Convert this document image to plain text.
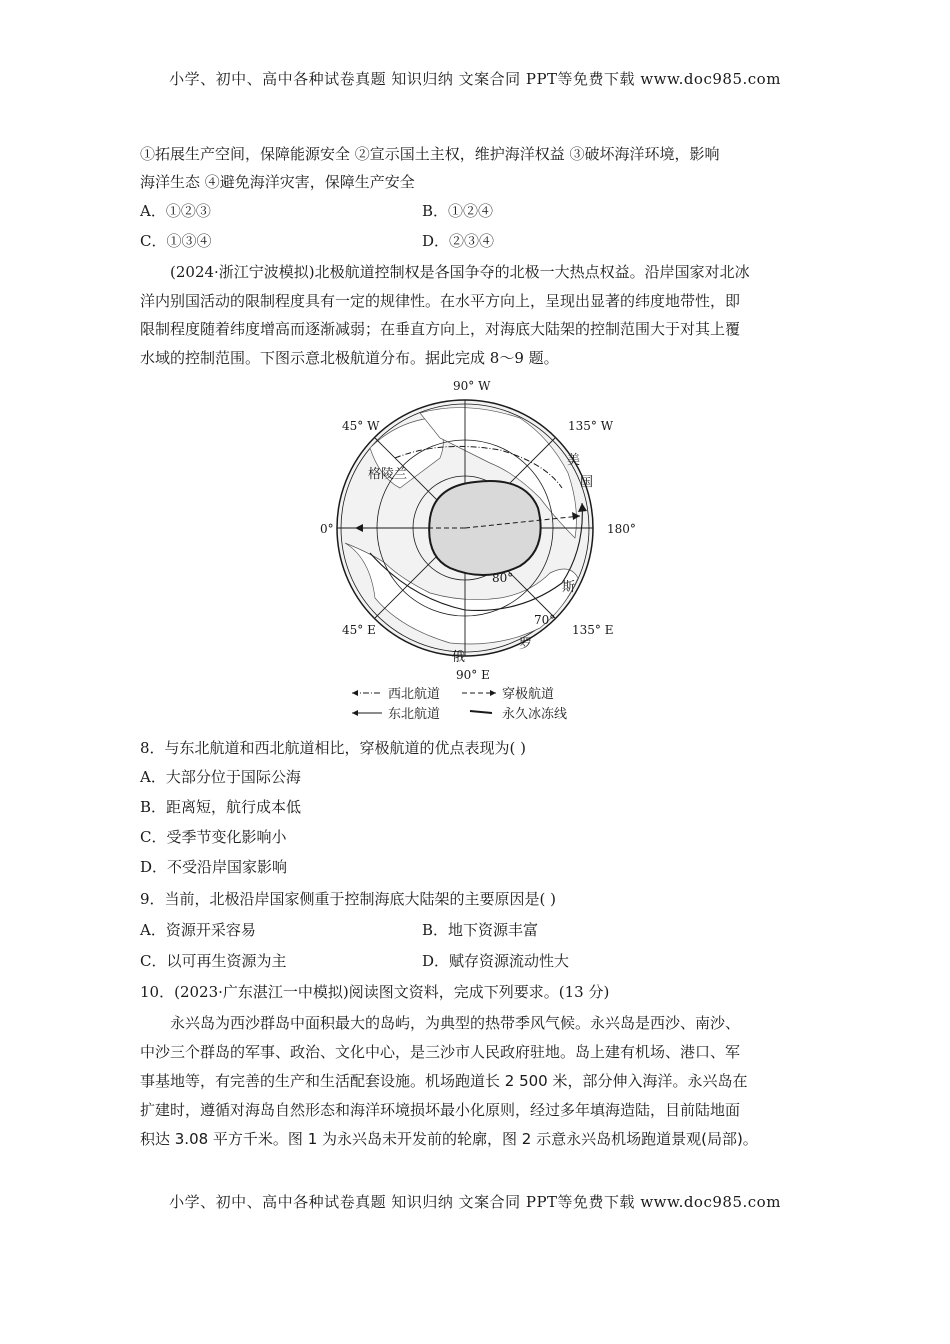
小学、初中、高中各种试卷真题 知识归纳 文案合同 PPT等免费下载 www.doc985.com
①拓展生产空间，保障能源安全 ②宣示国土主权，维护海洋权益 ③破坏海洋环境，影响
海洋生态 ④避免海洋灾害，保障生产安全
A．①②③	B．①②④
C．①③④	D．②③④
(2024·浙江宁波模拟)北极航道控制权是各国争夺的北极一大热点权益。沿岸国家对北冰
洋内别国活动的限制程度具有一定的规律性。在水平方向上，呈现出显著的纬度地带性，即
限制程度随着纬度增高而逐渐减弱；在垂直方向上，对海底大陆架的控制范围大于对其上覆
水域的控制范围。下图示意北极航道分布。据此完成 8～9 题。
90° W
45° W	135° W
0°	180°
45° E	135° E
90° E
80°
70°
格陵兰
美
国
俄
罗
斯
西北航道	穿极航道
东北航道	永久冰冻线
8．与东北航道和西北航道相比，穿极航道的优点表现为( )
A．大部分位于国际公海
B．距离短，航行成本低
C．受季节变化影响小
D．不受沿岸国家影响
9．当前，北极沿岸国家侧重于控制海底大陆架的主要原因是( )
A．资源开采容易	B．地下资源丰富
C．以可再生资源为主	D．赋存资源流动性大
10．(2023·广东湛江一中模拟)阅读图文资料，完成下列要求。(13 分)
永兴岛为西沙群岛中面积最大的岛屿，为典型的热带季风气候。永兴岛是西沙、南沙、
中沙三个群岛的军事、政治、文化中心，是三沙市人民政府驻地。岛上建有机场、港口、军
事基地等，有完善的生产和生活配套设施。机场跑道长 2 500 米，部分伸入海洋。永兴岛在
扩建时，遵循对海岛自然形态和海洋环境损坏最小化原则，经过多年填海造陆，目前陆地面
积达 3.08 平方千米。图 1 为永兴岛未开发前的轮廓，图 2 示意永兴岛机场跑道景观(局部)。
小学、初中、高中各种试卷真题 知识归纳 文案合同 PPT等免费下载 www.doc985.com
